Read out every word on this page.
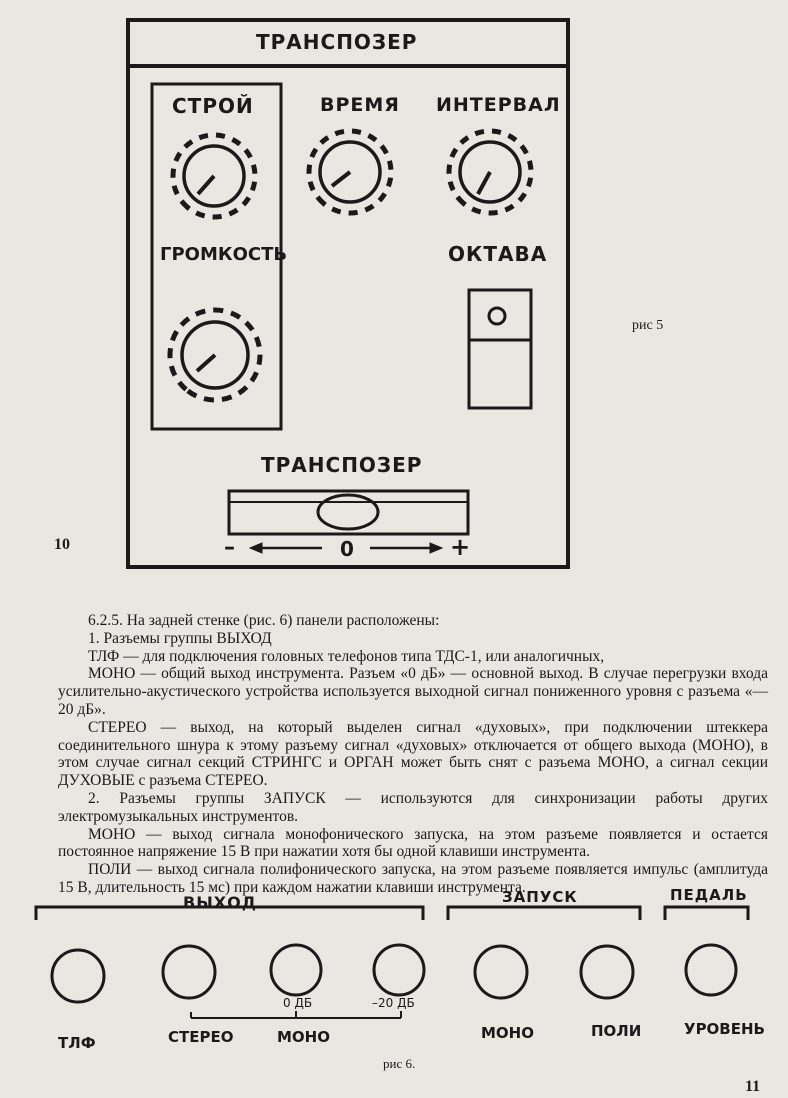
ТРАНСПОЗЕР
СТРОЙ	ВРЕМЯ ИНТЕРВАЛ
ГРОМКОСТЬ	ОКТАВА
ТРАНСПОЗЕР
–	0	+
рис 5
10

6.2.5. На задней стенке (рис. 6) панели расположены:

1. Разъемы группы ВЫХОД

ТЛФ — для подключения головных телефонов типа ТДС-1, или аналогичных,

МОНО — общий выход инструмента. Разъем «0 дБ» — основной выход. В случае перегрузки входа усилительно-акустического устройства используется выходной сигнал пониженного уровня с разъема «—20 дБ».

СТЕРЕО — выход, на который выделен сигнал «духовых», при подключении штеккера соединительного шнура к этому разъему сигнал «духовых» отключается от общего выхода (МОНО), в этом случае сигнал секций СТРИНГС и ОРГАН может быть снят с разъема МОНО, а сигнал секции ДУХОВЫЕ с разъема СТЕРЕО.

2. Разъемы группы ЗАПУСК — используются для синхронизации работы других электромузыкальных инструментов.

МОНО — выход сигнала монофонического запуска, на этом разъеме появляется и остается постоянное напряжение 15 В при нажатии хотя бы одной клавиши инструмента.

ПОЛИ — выход сигнала полифонического запуска, на этом разъеме появляется импульс (амплитуда 15 В, длительность 15 мс) при каждом нажатии клавиши инструмента.

ВЫХОД	ЗАПУСК	ПЕДАЛЬ
0 ДБ	–20 ДБ
ТЛФ	СТЕРЕО	МОНО	МОНО	ПОЛИ	УРОВЕНЬ
рис 6.
11
